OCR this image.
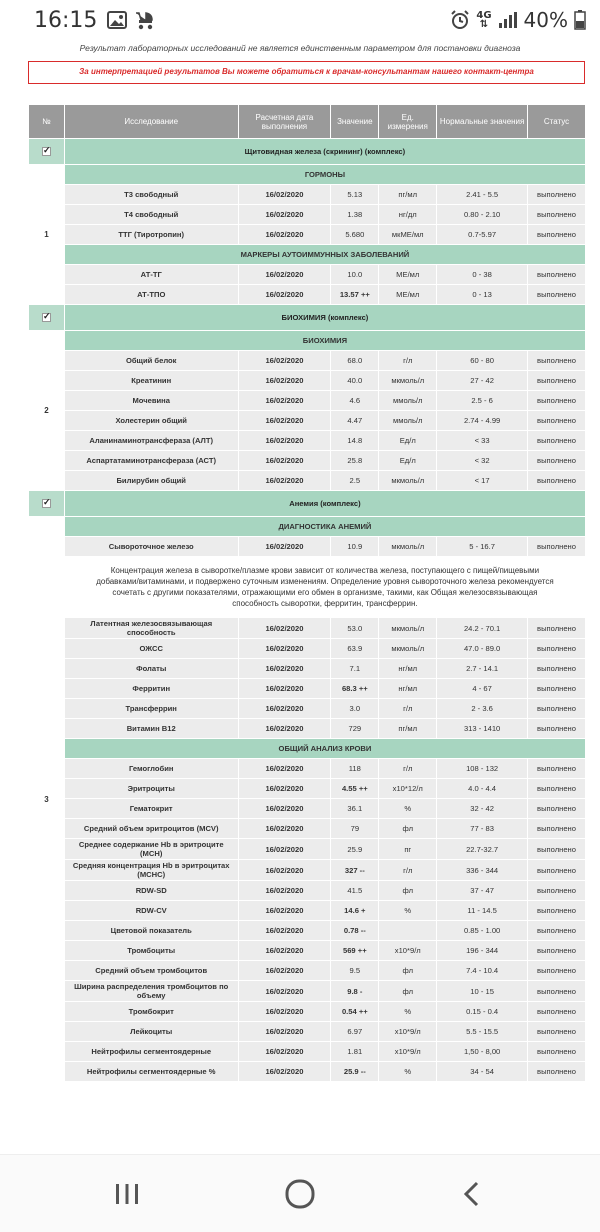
16:15	4G
⇅ 40%
Результат лабораторных исследований не является единственным параметром для постановки диагноза
За интерпретацией результатов Вы можете обратиться к врачам-консультантам нашего контакт-центра
№	Исследование	Расчетная дата выполнения	Значение	Ед. измерения	Нормальные значения	Статус
✓	Щитовидная железа (скрининг) (комплекс)					
1	ГОРМОНЫ					
	Т3 свободный	16/02/2020	5.13	пг/мл	2.41 - 5.5	выполнено
	Т4 свободный	16/02/2020	1.38	нг/дл	0.80 - 2.10	выполнено
	ТТГ (Тиротропин)	16/02/2020	5.680	мкМЕ/мл	0.7-5.97	выполнено
	МАРКЕРЫ АУТОИММУННЫХ ЗАБОЛЕВАНИЙ					
	АТ-ТГ	16/02/2020	10.0	МЕ/мл	0 - 38	выполнено
	АТ-ТПО	16/02/2020	13.57 ++	МЕ/мл	0 - 13	выполнено
✓	БИОХИМИЯ (комплекс)					
2	БИОХИМИЯ					
	Общий белок	16/02/2020	68.0	г/л	60 - 80	выполнено
	Креатинин	16/02/2020	40.0	мкмоль/л	27 - 42	выполнено
	Мочевина	16/02/2020	4.6	ммоль/л	2.5 - 6	выполнено
	Холестерин общий	16/02/2020	4.47	ммоль/л	2.74 - 4.99	выполнено
	Аланинаминотрансфераза (АЛТ)	16/02/2020	14.8	Ед/л	< 33	выполнено
	Аспартатаминотрансфераза (АСТ)	16/02/2020	25.8	Ед/л	< 32	выполнено
	Билирубин общий	16/02/2020	2.5	мкмоль/л	< 17	выполнено
✓	Анемия (комплекс)					
3	ДИАГНОСТИКА АНЕМИЙ					
	Сывороточное железо	16/02/2020	10.9	мкмоль/л	5 - 16.7	выполнено
	Концентрация железа в сыворотке/плазме крови зависит от количества железа, поступающего с пищей/пищевыми добавками/витаминами, и подвержено суточным изменениям. Определение уровня сывороточного железа рекомендуется сочетать с другими показателями, отражающими его обмен в организме, такими, как Общая железосвязывающая способность сыворотки, ферритин, трансферрин.					
	Латентная железосвязывающая способность	16/02/2020	53.0	мкмоль/л	24.2 - 70.1	выполнено
	ОЖСС	16/02/2020	63.9	мкмоль/л	47.0 - 89.0	выполнено
	Фолаты	16/02/2020	7.1	нг/мл	2.7 - 14.1	выполнено
	Ферритин	16/02/2020	68.3 ++	нг/мл	4 - 67	выполнено
	Трансферрин	16/02/2020	3.0	г/л	2 - 3.6	выполнено
	Витамин В12	16/02/2020	729	пг/мл	313 - 1410	выполнено
	ОБЩИЙ АНАЛИЗ КРОВИ					
	Гемоглобин	16/02/2020	118	г/л	108 - 132	выполнено
	Эритроциты	16/02/2020	4.55 ++	x10*12/л	4.0 - 4.4	выполнено
	Гематокрит	16/02/2020	36.1	%	32 - 42	выполнено
	Средний объем эритроцитов (MCV)	16/02/2020	79	фл	77 - 83	выполнено
	Среднее содержание Hb в эритроците (MCH)	16/02/2020	25.9	пг	22.7-32.7	выполнено
	Средняя концентрация Hb в эритроцитах (MCHC)	16/02/2020	327 --	г/л	336 - 344	выполнено
	RDW-SD	16/02/2020	41.5	фл	37 - 47	выполнено
	RDW-CV	16/02/2020	14.6 +	%	11 - 14.5	выполнено
	Цветовой показатель	16/02/2020	0.78 --		0.85 - 1.00	выполнено
	Тромбоциты	16/02/2020	569 ++	x10*9/л	196 - 344	выполнено
	Средний объем тромбоцитов	16/02/2020	9.5	фл	7.4 - 10.4	выполнено
	Ширина распределения тромбоцитов по объему	16/02/2020	9.8 -	фл	10 - 15	выполнено
	Тромбокрит	16/02/2020	0.54 ++	%	0.15 - 0.4	выполнено
	Лейкоциты	16/02/2020	6.97	x10*9/л	5.5 - 15.5	выполнено
	Нейтрофилы сегментоядерные	16/02/2020	1.81	x10*9/л	1,50 - 8,00	выполнено
	Нейтрофилы сегментоядерные %	16/02/2020	25.9 --	%	34 - 54	выполнено
